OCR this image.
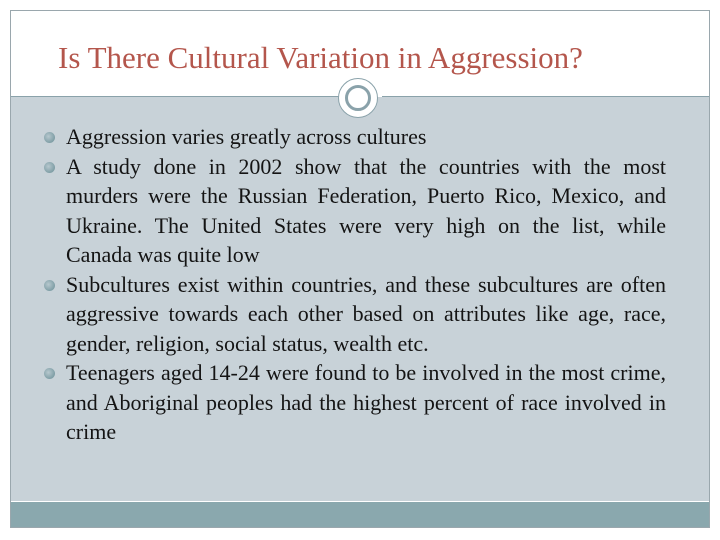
Is There Cultural Variation in Aggression?
Aggression varies greatly across cultures
A study done in 2002 show that the countries with the most murders were the Russian Federation, Puerto Rico, Mexico, and Ukraine. The United States were very high on the list, while Canada was quite low
Subcultures exist within countries, and these subcultures are often aggressive towards each other based on attributes like age, race, gender, religion, social status, wealth etc.
Teenagers aged 14-24 were found to be involved in the most crime, and Aboriginal peoples had the highest percent of race involved in crime
